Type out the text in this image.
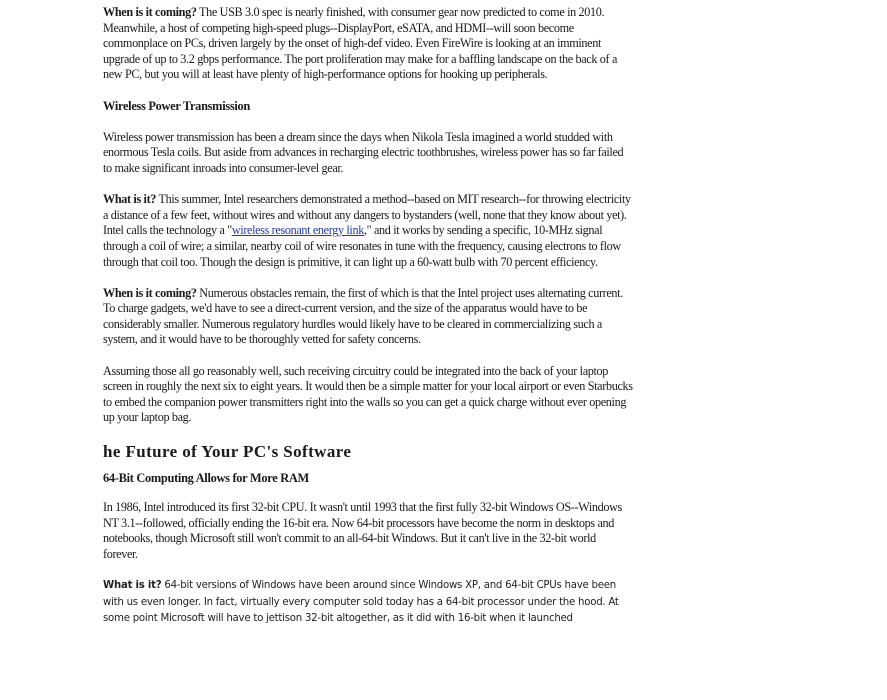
When is it coming? The USB 3.0 spec is nearly finished, with consumer gear now predicted to come in 2010. Meanwhile, a host of competing high-speed plugs--DisplayPort, eSATA, and HDMI--will soon become commonplace on PCs, driven largely by the onset of high-def video. Even FireWire is looking at an imminent upgrade of up to 3.2 gbps performance. The port proliferation may make for a baffling landscape on the back of a new PC, but you will at least have plenty of high-performance options for hooking up peripherals.

Wireless Power Transmission

Wireless power transmission has been a dream since the days when Nikola Tesla imagined a world studded with enormous Tesla coils. But aside from advances in recharging electric toothbrushes, wireless power has so far failed to make significant inroads into consumer-level gear.

What is it? This summer, Intel researchers demonstrated a method--based on MIT research--for throwing electricity a distance of a few feet, without wires and without any dangers to bystanders (well, none that they know about yet). Intel calls the technology a "wireless resonant energy link," and it works by sending a specific, 10-MHz signal through a coil of wire; a similar, nearby coil of wire resonates in tune with the frequency, causing electrons to flow through that coil too. Though the design is primitive, it can light up a 60-watt bulb with 70 percent efficiency.

When is it coming? Numerous obstacles remain, the first of which is that the Intel project uses alternating current. To charge gadgets, we'd have to see a direct-current version, and the size of the apparatus would have to be considerably smaller. Numerous regulatory hurdles would likely have to be cleared in commercializing such a system, and it would have to be thoroughly vetted for safety concerns.

Assuming those all go reasonably well, such receiving circuitry could be integrated into the back of your laptop screen in roughly the next six to eight years. It would then be a simple matter for your local airport or even Starbucks to embed the companion power transmitters right into the walls so you can get a quick charge without ever opening up your laptop bag.

he Future of Your PC's Software

64-Bit Computing Allows for More RAM

In 1986, Intel introduced its first 32-bit CPU. It wasn't until 1993 that the first fully 32-bit Windows OS--Windows NT 3.1--followed, officially ending the 16-bit era. Now 64-bit processors have become the norm in desktops and notebooks, though Microsoft still won't commit to an all-64-bit Windows. But it can't live in the 32-bit world forever.

What is it? 64-bit versions of Windows have been around since Windows XP, and 64-bit CPUs have been with us even longer. In fact, virtually every computer sold today has a 64-bit processor under the hood. At some point Microsoft will have to jettison 32-bit altogether, as it did with 16-bit when it launched
